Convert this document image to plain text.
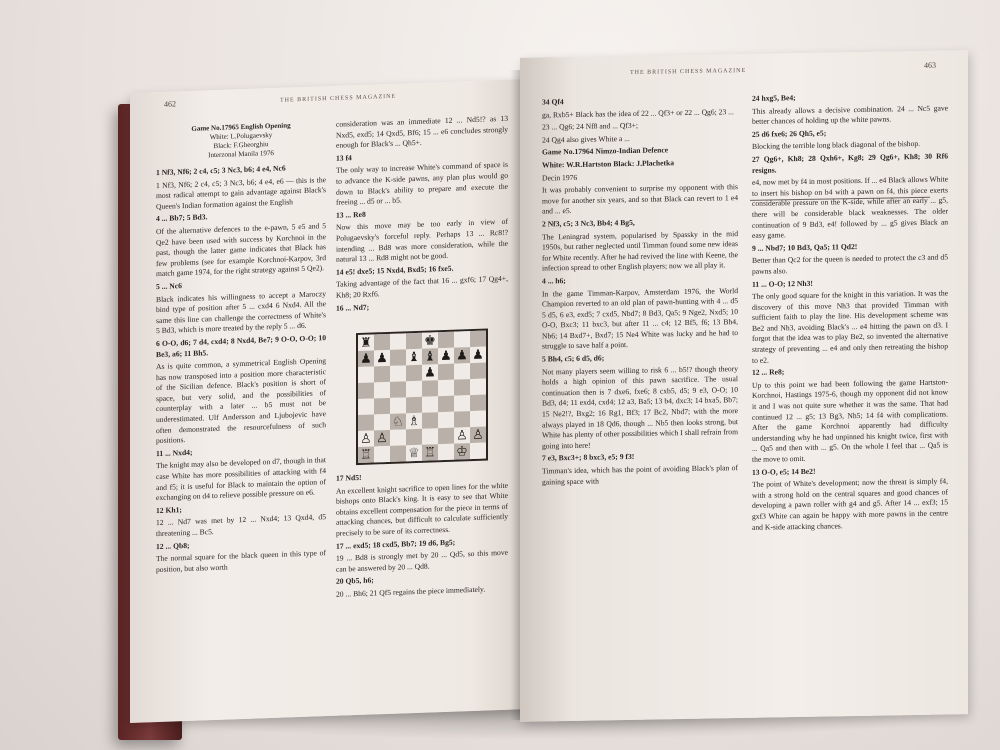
462
THE BRITISH CHESS MAGAZINE
Game No.17965 English Opening
White: L.Polugaevsky
Black: F.Gheorghiu
Interzonal Manila 1976

1 Nf3, Nf6; 2 c4, c5; 3 Nc3, b6; 4 e4, Nc6

1 Nf3, Nf6; 2 c4, c5; 3 Nc3, b6; 4 e4, e6 — this is the most radical attempt to gain advantage against Black's Queen's Indian formation against the English

4 ... Bb7; 5 Bd3.

Of the alternative defences to the e-pawn, 5 e5 and 5 Qe2 have been used with success by Korchnoi in the past, though the latter game indicates that Black has few problems (see for example Korchnoi-Karpov, 3rd match game 1974, for the right strategy against 5 Qe2).

5 ... Nc6

Black indicates his willingness to accept a Maroczy bind type of position after 5 ... cxd4 6 Nxd4. All the same this line can challenge the correctness of White's 5 Bd3, which is more treated by the reply 5 ... d6.

6 O-O, d6; 7 d4, cxd4; 8 Nxd4, Be7; 9 O-O, O-O; 10 Be3, a6; 11 Bh5.

As is quite common, a symmetrical English Opening has now transposed into a position more characteristic of the Sicilian defence. Black's position is short of space, but very solid, and the possibilities of counterplay with a later ... b5 must not be underestimated. Ulf Andersson and Ljubojevic have often demonstrated the resourcefulness of such positions.

11 ... Nxd4;

The knight may also be developed on d7, though in that case White has more possibilities of attacking with f4 and f5; it is useful for Black to maintain the option of exchanging on d4 to relieve possible pressure on e6.

12 Kh1;

12 ... Nd7 was met by 12 ... Nxd4; 13 Qxd4, d5 threatening ... Bc5.

12 ... Qb8;

The normal square for the black queen in this type of position, but also worth

consideration was an immediate 12 ... Nd5!? as 13 Nxd5, exd5; 14 Qxd5, Bf6; 15 ... e6 concludes strongly enough for Black's ... Qh5+.

13 f4

The only way to increase White's command of space is to advance the K-side pawns, any plan plus would go down to Black's ability to prepare and execute the freeing ... d5 or ... b5.

13 ... Re8

Now this move may be too early in view of Polugaevsky's forceful reply. Perhaps 13 ... Rc8!? intending ... Bd8 was more consideration, while the natural 13 ... Rd8 might not be good.

14 e5! dxe5; 15 Nxd4, Bxd5; 16 fxe5.

Taking advantage of the fact that 16 ... gxf6; 17 Qg4+, Kh8; 20 Rxf6.

16 ... Nd7;

♜	♚
♟ ♟ ♝ ♝ ♟ ♟ ♟
♟
♘ ♗
♙ ♙	♙ ♙
♖	♕ ♖ ♔

17 Nd5!

An excellent knight sacrifice to open lines for the white bishops onto Black's king. It is easy to see that White obtains excellent compensation for the piece in terms of attacking chances, but difficult to calculate sufficiently precisely to be sure of its correctness.

17 ... exd5; 18 cxd5, Bb7; 19 d6, Bg5;

19 ... Bd8 is strongly met by 20 ... Qd5, so this move can be answered by 20 ... Qd8.

20 Qb5, h6;

20 ... Bh6; 21 Qf5 regains the piece immediately.

THE BRITISH CHESS MAGAZINE
463

34 Qf4

ga, Rxb5+ Black has the idea of 22 ... Qf3+ or 22 ... Qg6; 23 ...

23 ... Qg6; 24 Nf8 and ... Qf3+;

24 Qg4 also gives White a ...

Game No.17964 Nimzo-Indian Defence

White: W.R.Hartston Black: J.Plachetka

Decin 1976

It was probably convenient to surprise my opponent with this move for another six years, and so that Black can revert to 1 e4 and ... e5.

2 Nf3, c5; 3 Nc3, Bb4; 4 Bg5,

The Leningrad system, popularised by Spassky in the mid 1950s, but rather neglected until Timman found some new ideas for White recently. After he had revived the line with Keene, the infection spread to other English players; now we all play it.

4 ... h6;

In the game Timman-Karpov, Amsterdam 1976, the World Champion reverted to an old plan of pawn-hunting with 4 ... d5 5 d5, 6 e3, exd5; 7 cxd5, Nbd7; 8 Bd3, Qa5; 9 Nge2, Nxd5; 10 O-O, Bxc3; 11 bxc3, but after 11 ... c4; 12 Bf5, f6; 13 Bh4, Nb6; 14 Bxd7+, Bxd7; 15 Ne4 White was lucky and he had to struggle to save half a point.

5 Bh4, c5; 6 d5, d6;

Not many players seem willing to risk 6 ... b5!? though theory holds a high opinion of this pawn sacrifice. The usual continuation then is 7 dxe6, fxe6; 8 cxb5, d5; 9 e3, O-O; 10 Bd3, d4; 11 exd4, cxd4; 12 a3, Ba5; 13 b4, dxc3; 14 bxa5, Bb7; 15 Ne2!?, Bxg2; 16 Rg1, Bf3; 17 Bc2, Nbd7; with the more always played in 18 Qd6, though ... Nb5 then looks strong, but White has plenty of other possibilities which I shall refrain from going into here!

7 e3, Bxc3+; 8 bxc3, e5; 9 f3!

Timman's idea, which has the point of avoiding Black's plan of gaining space with

24 hxg5, Be4;

This already allows a decisive combination. 24 ... Nc5 gave better chances of holding up the white pawns.

25 d6 fxe6; 26 Qh5, e5;

Blocking the terrible long black diagonal of the bishop.

27 Qg6+, Kh8; 28 Qxh6+, Kg8; 29 Qg6+, Kh8; 30 Rf6 resigns.

e4, now met by f4 in most positions. If ... e4 Black allows White to insert his bishop on b4 with a pawn on f4, this piece exerts considerable pressure on the K-side, while after an early ... g5, there will be considerable black weaknesses. The older continuation of 9 Bd3, e4! followed by ... g5 gives Black an easy game.

9 ... Nbd7; 10 Bd3, Qa5; 11 Qd2!

Better than Qc2 for the queen is needed to protect the c3 and d5 pawns also.

11 ... O-O; 12 Nh3!

The only good square for the knight in this variation. It was the discovery of this move Nh3 that provided Timman with sufficient faith to play the line. His development scheme was Be2 and Nh3, avoiding Black's ... e4 hitting the pawn on d3. I forgot that the idea was to play Be2, so invented the alternative strategy of preventing ... e4 and only then retreating the bishop to e2.

12 ... Re8;

Up to this point we had been following the game Hartston-Korchnoi, Hastings 1975-6, though my opponent did not know it and I was not quite sure whether it was the same. That had continued 12 ... g5; 13 Bg3, Nh5; 14 f4 with complications. After the game Korchnoi apparently had difficulty understanding why he had unpinned his knight twice, first with ... Qa5 and then with ... g5. On the whole I feel that ... Qa5 is the move to omit.

13 O-O, e5; 14 Be2!

The point of White's development; now the threat is simply f4, with a strong hold on the central squares and good chances of developing a pawn roller with g4 and g5. After 14 ... exf3; 15 gxf3 White can again be happy with more pawns in the centre and K-side attacking chances.
